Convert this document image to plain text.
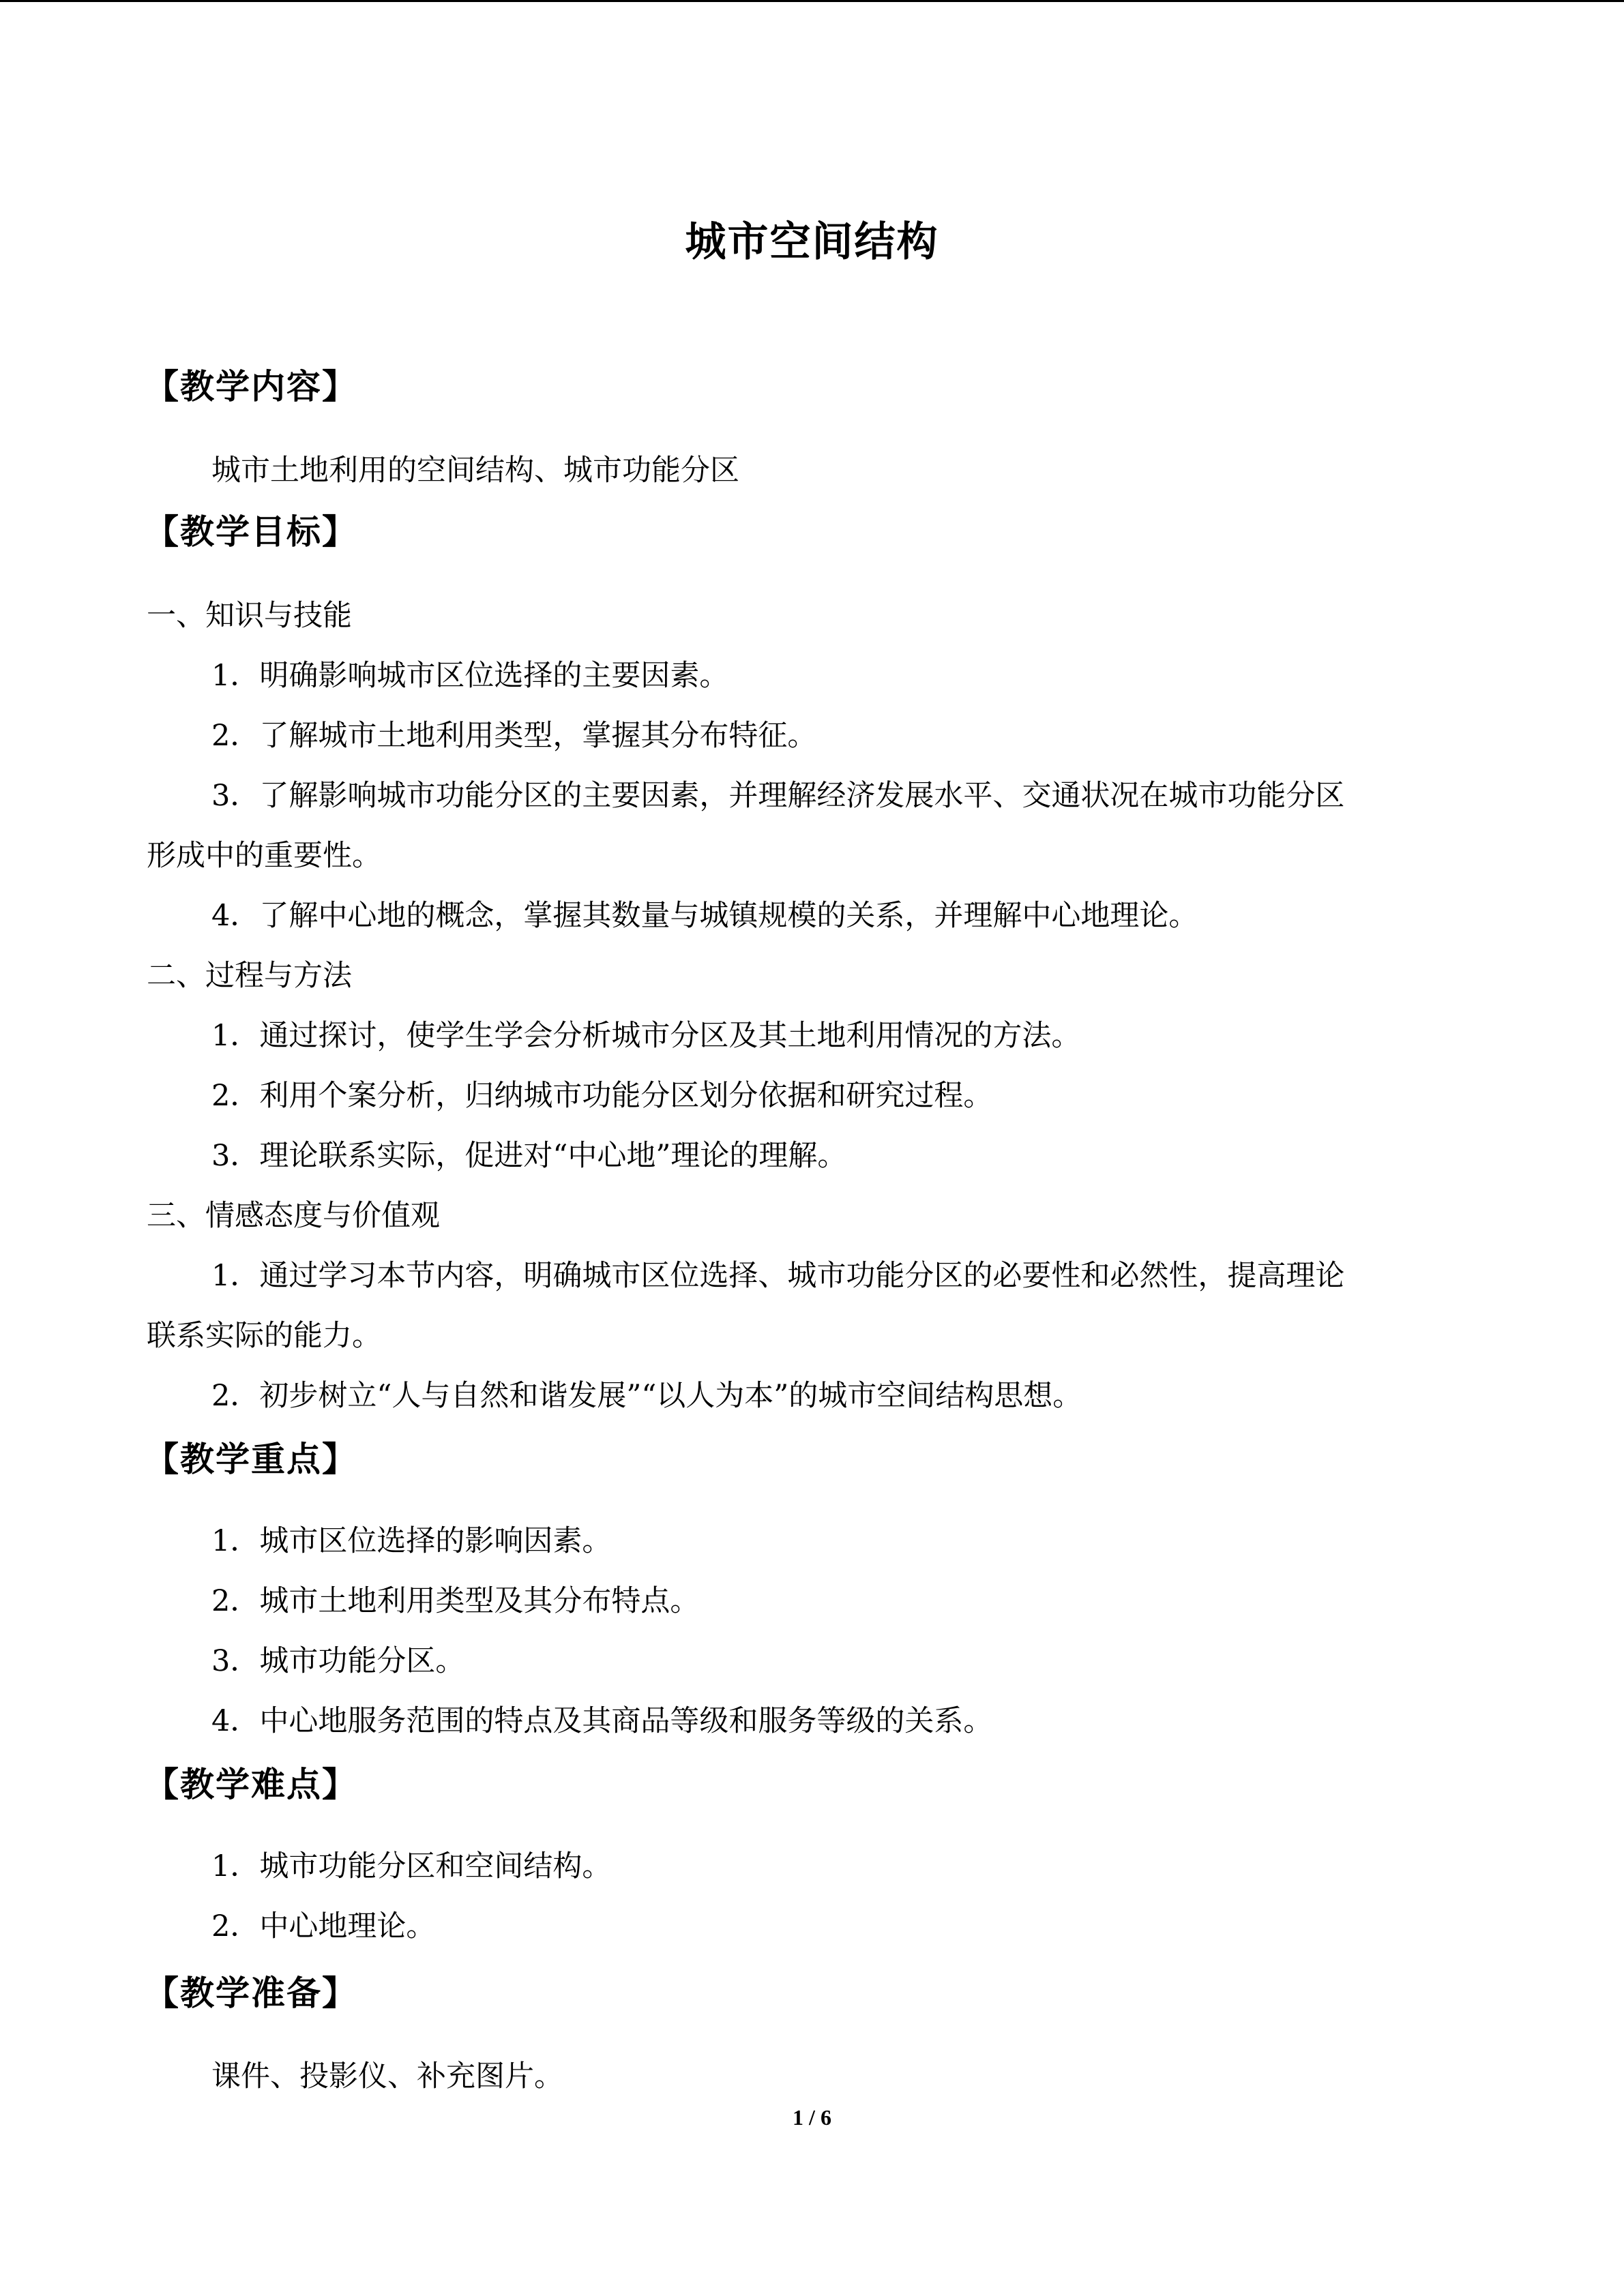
城市空间结构
【教学内容】
城市土地利用的空间结构、城市功能分区
【教学目标】
一、知识与技能
1．明确影响城市区位选择的主要因素。
2．了解城市土地利用类型，掌握其分布特征。
3．了解影响城市功能分区的主要因素，并理解经济发展水平、交通状况在城市功能分区
形成中的重要性。
4．了解中心地的概念，掌握其数量与城镇规模的关系，并理解中心地理论。
二、过程与方法
1．通过探讨，使学生学会分析城市分区及其土地利用情况的方法。
2．利用个案分析，归纳城市功能分区划分依据和研究过程。
3．理论联系实际，促进对“中心地”理论的理解。
三、情感态度与价值观
1．通过学习本节内容，明确城市区位选择、城市功能分区的必要性和必然性，提高理论
联系实际的能力。
2．初步树立“人与自然和谐发展”“以人为本”的城市空间结构思想。
【教学重点】
1．城市区位选择的影响因素。
2．城市土地利用类型及其分布特点。
3．城市功能分区。
4．中心地服务范围的特点及其商品等级和服务等级的关系。
【教学难点】
1．城市功能分区和空间结构。
2．中心地理论。
【教学准备】
课件、投影仪、补充图片。
1 / 6
